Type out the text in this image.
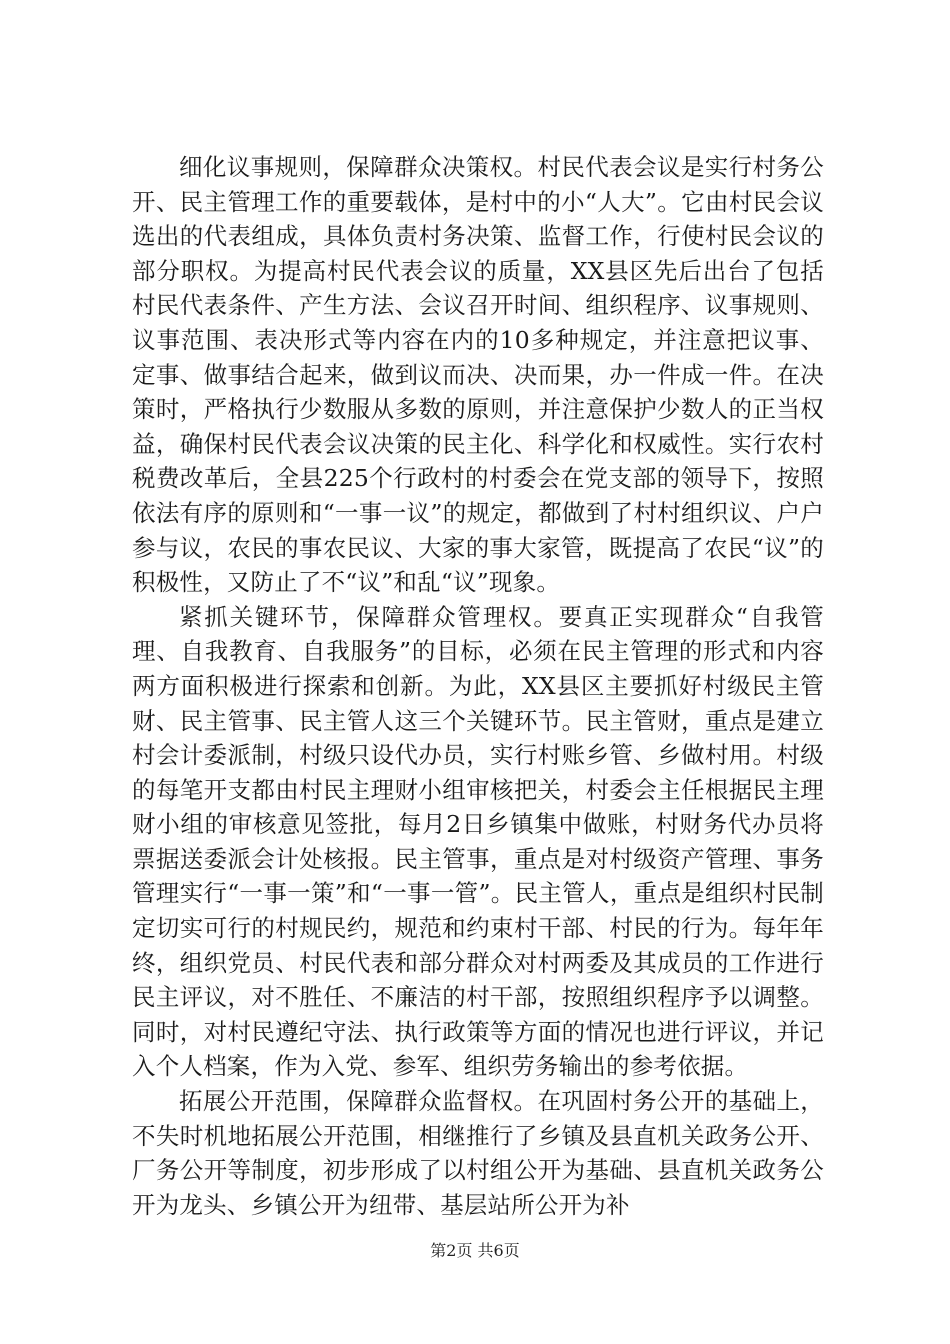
细化议事规则，保障群众决策权。村民代表会议是实行村务公开、民主管理工作的重要载体，是村中的小“人大”。它由村民会议选出的代表组成，具体负责村务决策、监督工作，行使村民会议的部分职权。为提高村民代表会议的质量，XX县区先后出台了包括村民代表条件、产生方法、会议召开时间、组织程序、议事规则、议事范围、表决形式等内容在内的10多种规定，并注意把议事、定事、做事结合起来，做到议而决、决而果，办一件成一件。在决策时，严格执行少数服从多数的原则，并注意保护少数人的正当权益，确保村民代表会议决策的民主化、科学化和权威性。实行农村税费改革后，全县225个行政村的村委会在党支部的领导下，按照依法有序的原则和“一事一议”的规定，都做到了村村组织议、户户参与议，农民的事农民议、大家的事大家管，既提高了农民“议”的积极性，又防止了不“议”和乱“议”现象。

紧抓关键环节，保障群众管理权。要真正实现群众“自我管理、自我教育、自我服务”的目标，必须在民主管理的形式和内容两方面积极进行探索和创新。为此，XX县区主要抓好村级民主管财、民主管事、民主管人这三个关键环节。民主管财，重点是建立村会计委派制，村级只设代办员，实行村账乡管、乡做村用。村级的每笔开支都由村民主理财小组审核把关，村委会主任根据民主理财小组的审核意见签批，每月2日乡镇集中做账，村财务代办员将票据送委派会计处核报。民主管事，重点是对村级资产管理、事务管理实行“一事一策”和“一事一管”。民主管人，重点是组织村民制定切实可行的村规民约，规范和约束村干部、村民的行为。每年年终，组织党员、村民代表和部分群众对村两委及其成员的工作进行民主评议，对不胜任、不廉洁的村干部，按照组织程序予以调整。同时，对村民遵纪守法、执行政策等方面的情况也进行评议，并记入个人档案，作为入党、参军、组织劳务输出的参考依据。

拓展公开范围，保障群众监督权。在巩固村务公开的基础上，不失时机地拓展公开范围，相继推行了乡镇及县直机关政务公开、厂务公开等制度，初步形成了以村组公开为基础、县直机关政务公开为龙头、乡镇公开为纽带、基层站所公开为补

第2页 共6页
